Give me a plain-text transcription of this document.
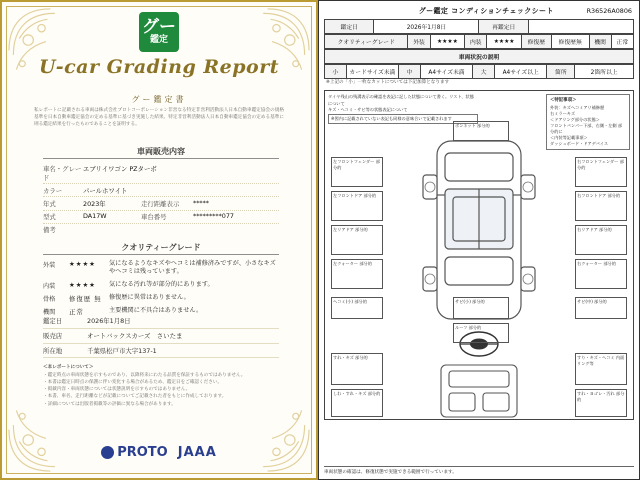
グー
鑑定
U-car Grading Report
グー鑑定書
私レポートに記載される車両は株式会社プロトコーポレーション非営なる特定非営利活動法人日本自動車鑑定協会の規格基準を日本自動車鑑定協会の定める基準に基づき実施した結果、特定非営利活動法人日本自動車鑑定協会の定める基準に則る鑑定結果を行ったものであることを証明する。
車両販売内容
車名・グレード
エブリイワゴン PZターボ
カラー	パールホワイト
年式	2023年	走行距離表示	*****
型式	DA17W	車台番号	*********077
備考
クオリティーグレード
外装	★★★★	気になるようなキズやヘコミは補修済みですが、小さなキズやヘコミは残っています。
内装	★★★★	気になる汚れ等が部分的にあります。
骨格	修復歴 無	修復歴に異常はありません。
機関	正常	主要機関に不具合はありません。
鑑定日	2026年1月8日
販売店	オートバックスカーズ　さいたま
所在地	千葉県松戸市大字137-1
＜本レポートについて＞
・鑑定時点の車両状態を示すものであり、以降将来にわたる品質を保証するものではありません。
・本書は鑑定日時点の保護に伴い変化する場合があるため、鑑定日をご確認ください。
・掲載内容・車両状態については状態説明を示すものではありません。
・本書、車名、走行距離などが記載についてご記載された者をもとに作成しております。
・詳細については出版者掲載等の評価に異なる場合があります。
PROTO JAAA
グー鑑定 コンディションチェックシート	R36526A0806
鑑定日	2026年1月8日	再鑑定日	
クオリティーグレード	外装	★★★★	内装	★★★★	修復歴	修復歴無	機関	正常
車両状況の説明
小	カードサイズ未満	中	A4サイズ未満	大	A4サイズ以上	箇所	2箇所以上
※上記の「小」一枚なカットについては下記加算となります
タイヤ残山の残溝表示の確認を表記に記した状態について書く。リスト、状態について
キズ・ヘコミ・サビ等の状態表記について
※図内に記載されていない表記も同様の意味合いで記載されます
＜特記事項＞
外装：キズヘコミアリ補修歴
右ミラーキズ
＜ドアリング部分の状態＞
フロントバンパー下部、右側・左側 部分的に
＜内装等記載事項＞
ダッシュボード・ドアデバイス
左フロントフェンダー 部分的
左フロントドア 部分的
左リアドア 部分的
左クォーター 部分的
ボンネット 部分的
ルーフ 部分的
右フロントフェンダー 部分的
右フロントドア 部分的
右リアドア 部分的
右クォーター 部分的
ヘコミ(小) 部分的	サビ(小) 部分的	サビ(中) 部分的
すれ・キズ 部分的	すり・キズ・ヘコミ 内面リング等
しわ・すれ・キズ 部分的	すれ・ヨゴレ・汚れ 部分的
車両状態の確認は、修復状態で実施できる範囲で行っています。
